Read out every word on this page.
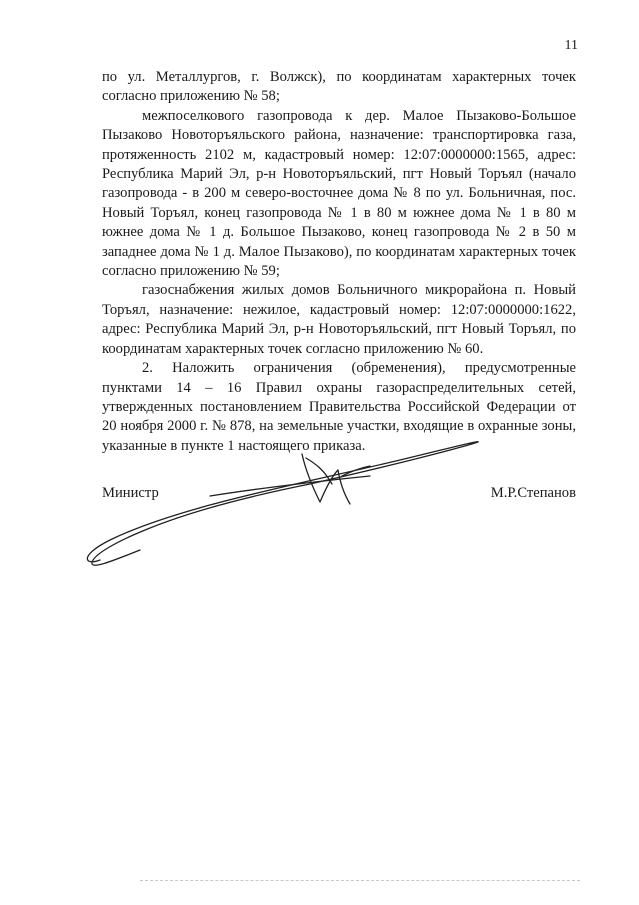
11

по ул. Металлургов, г. Волжск), по координатам характерных точек согласно приложению № 58;

межпоселкового газопровода к дер. Малое Пызаково-Большое Пызаково Новоторъяльского района, назначение: транспортировка газа, протяженность 2102 м, кадастровый номер: 12:07:0000000:1565, адрес: Республика Марий Эл, р-н Новоторъяльский, пгт Новый Торъял (начало газопровода - в 200 м северо-восточнее дома № 8 по ул. Больничная, пос. Новый Торъял, конец газопровода № 1 в 80 м южнее дома № 1 в 80 м южнее дома № 1 д. Большое Пызаково, конец газопровода № 2 в 50 м западнее дома № 1 д. Малое Пызаково), по координатам характерных точек согласно приложению № 59;

газоснабжения жилых домов Больничного микрорайона п. Новый Торъял, назначение: нежилое, кадастровый номер: 12:07:0000000:1622, адрес: Республика Марий Эл, р-н Новоторъяльский, пгт Новый Торъял, по координатам характерных точек согласно приложению № 60.

2. Наложить ограничения (обременения), предусмотренные пунктами 14 – 16 Правил охраны газораспределительных сетей, утвержденных постановлением Правительства Российской Федерации от 20 ноября 2000 г. № 878, на земельные участки, входящие в охранные зоны, указанные в пункте 1 настоящего приказа.

Министр	М.Р.Степанов
